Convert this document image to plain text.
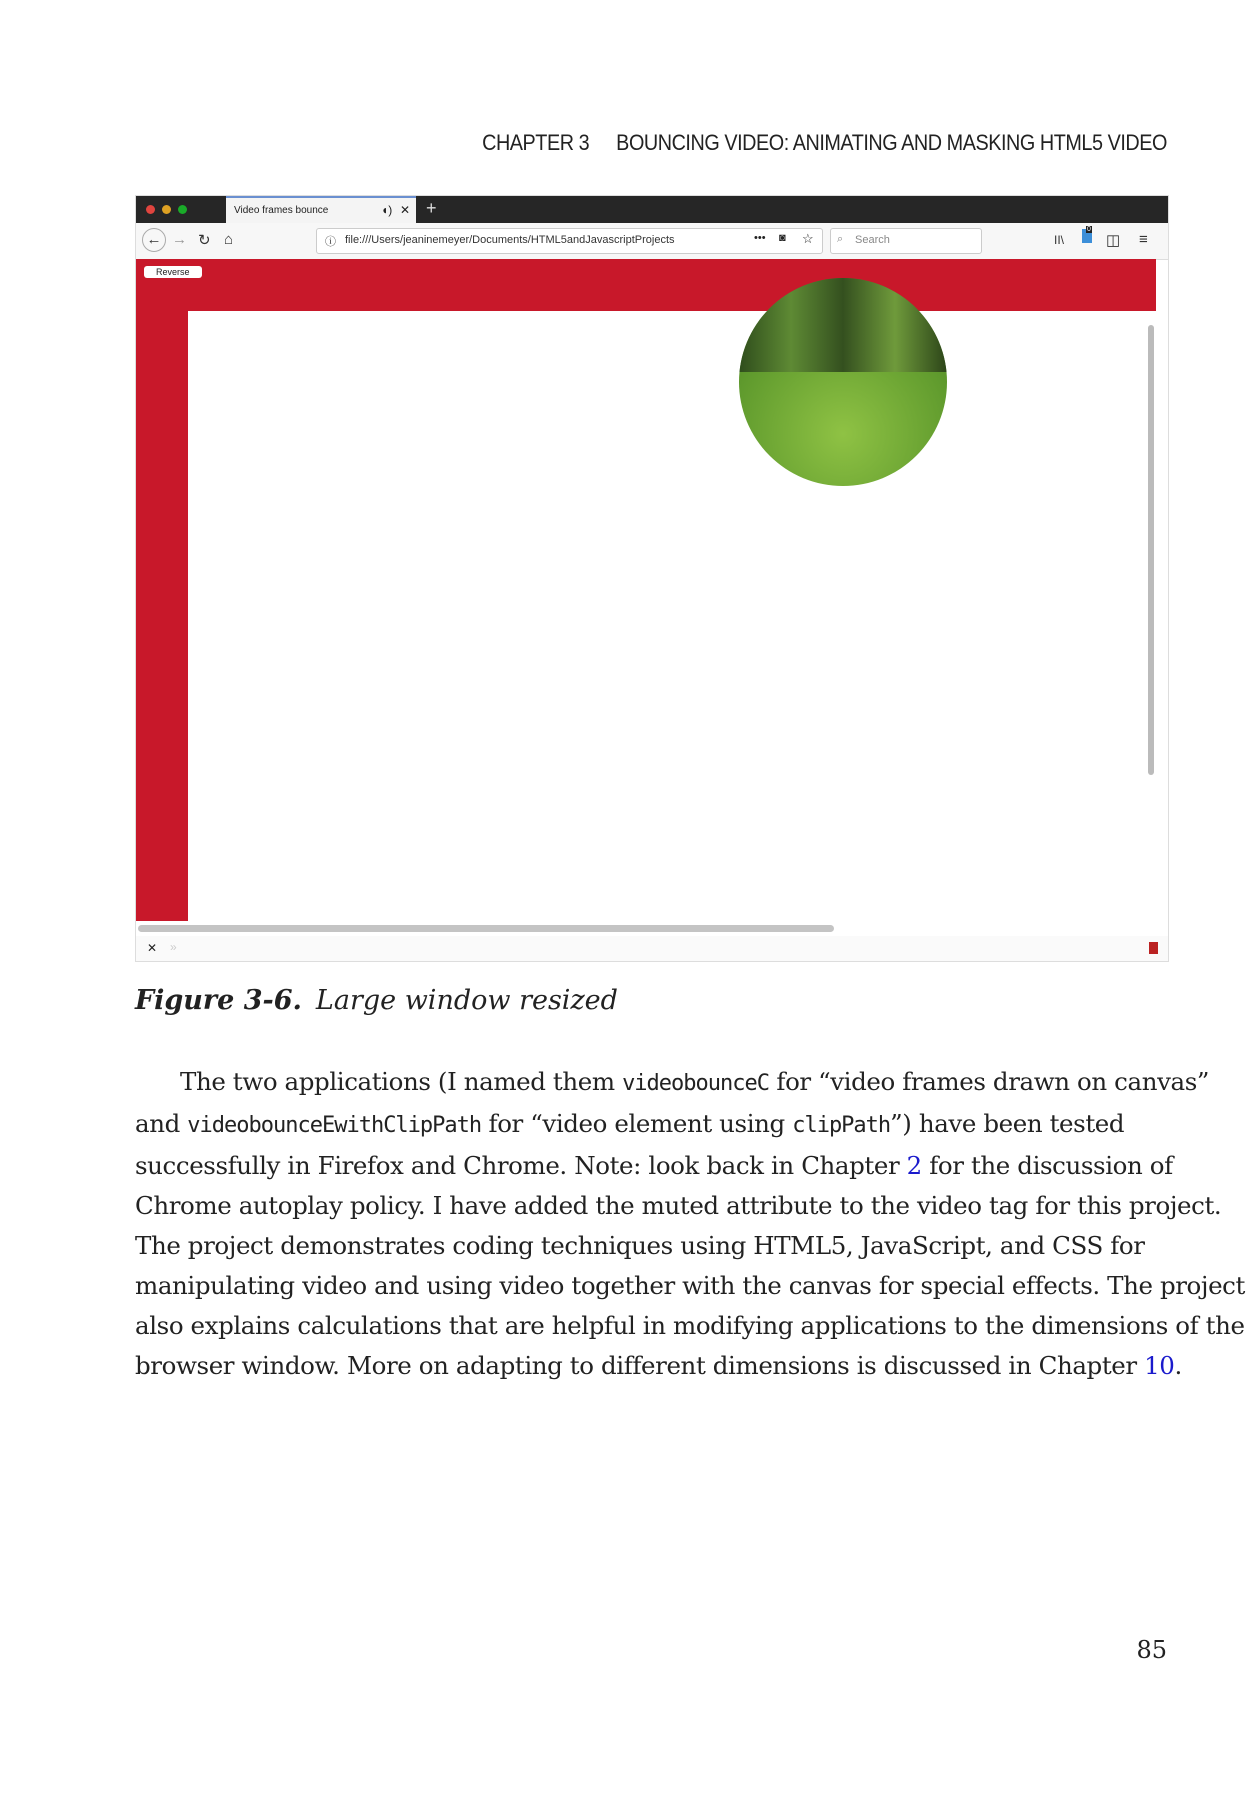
CHAPTER 3 BOUNCING VIDEO: ANIMATING AND MASKING HTML5 VIDEO
Video frames bounce	◖) ✕ +
← → ↻ ⌂	ⓘ file:///Users/jeaninemeyer/Documents/HTML5andJavascriptProjects	••• ◙ ☆ ⌕ Search	II\
0
◫ ≡
Reverse
✕ »
Figure 3-6. Large window resized
The two applications (I named them videobounceC for “video frames drawn on canvas”
and videobounceEwithClipPath for “video element using clipPath”) have been tested
successfully in Firefox and Chrome. Note: look back in Chapter 2 for the discussion of
Chrome autoplay policy. I have added the muted attribute to the video tag for this project.
The project demonstrates coding techniques using HTML5, JavaScript, and CSS for
manipulating video and using video together with the canvas for special effects. The project
also explains calculations that are helpful in modifying applications to the dimensions of the
browser window. More on adapting to different dimensions is discussed in Chapter 10.
85
